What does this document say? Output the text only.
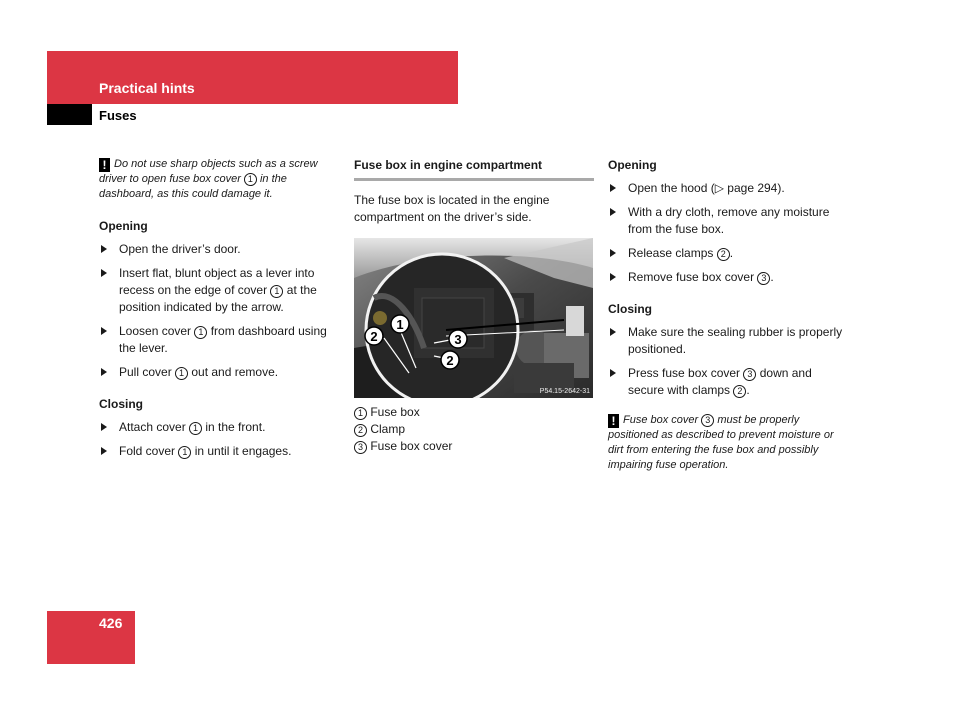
Practical hints
Fuses
! Do not use sharp objects such as a screw driver to open fuse box cover 1 in the dashboard, as this could damage it.
Opening
Open the driver’s door.
Insert flat, blunt object as a lever into recess on the edge of cover 1 at the position indicated by the arrow.
Loosen cover 1 from dashboard using the lever.
Pull cover 1 out and remove.
Closing
Attach cover 1 in the front.
Fold cover 1 in until it engages.
Fuse box in engine compartment
The fuse box is located in the engine compartment on the driver’s side.
1
2	3
2
P54.15-2642-31
1 Fuse box
2 Clamp
3 Fuse box cover
Opening
Open the hood (▷ page 294).
With a dry cloth, remove any moisture from the fuse box.
Release clamps 2 .
Remove fuse box cover 3 .
Closing
Make sure the sealing rubber is properly positioned.
Press fuse box cover 3 down and secure with clamps 2 .
! Fuse box cover 3 must be properly positioned as described to prevent moisture or dirt from entering the fuse box and possibly impairing fuse operation.
426
